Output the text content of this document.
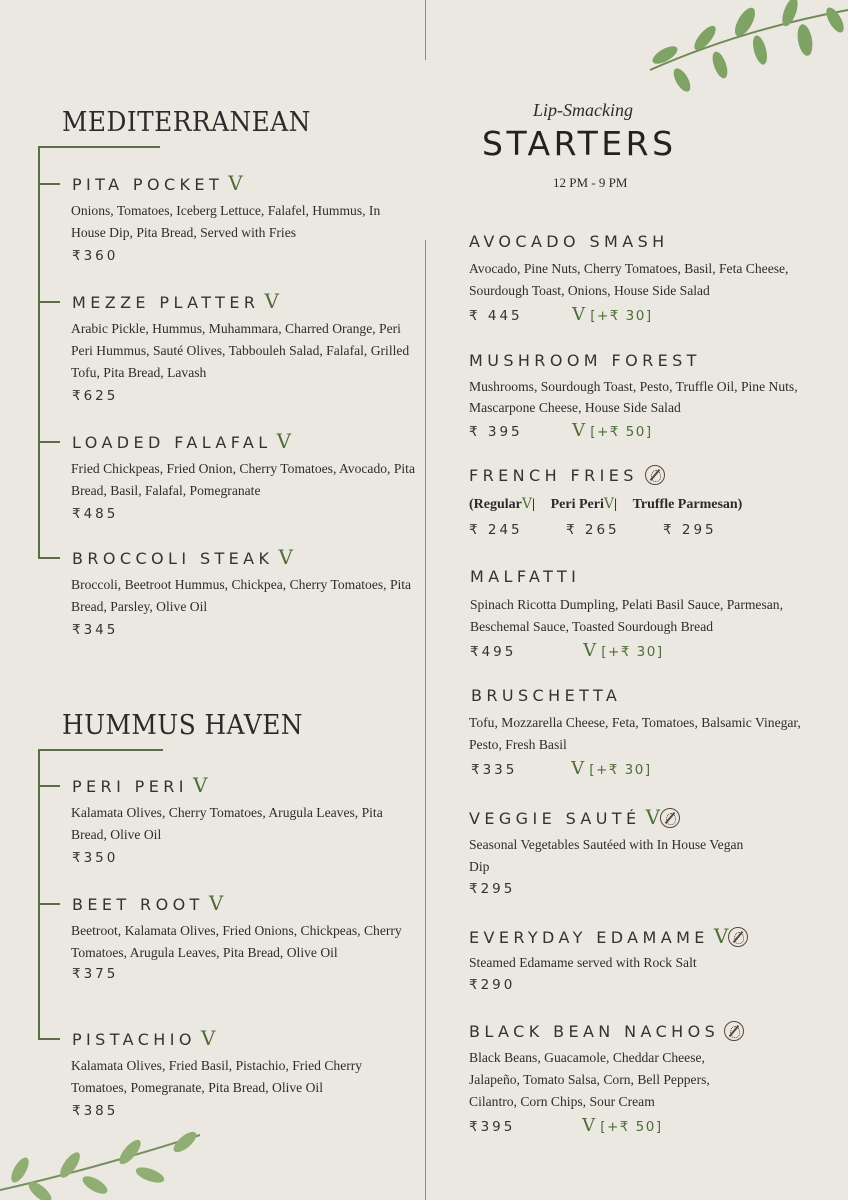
MEDITERRANEAN
PITA POCKET V
Onions, Tomatoes, Iceberg Lettuce, Falafel, Hummus, In House Dip, Pita Bread, Served with Fries
₹360
MEZZE PLATTER V
Arabic Pickle, Hummus, Muhammara, Charred Orange, Peri Peri Hummus, Sauté Olives, Tabbouleh Salad, Falafal, Grilled Tofu, Pita Bread, Lavash
₹625
LOADED FALAFAL V
Fried Chickpeas, Fried Onion, Cherry Tomatoes, Avocado, Pita Bread, Basil, Falafal, Pomegranate
₹485
BROCCOLI STEAK V
Broccoli, Beetroot Hummus, Chickpea, Cherry Tomatoes, Pita Bread, Parsley, Olive Oil
₹345
HUMMUS HAVEN
PERI PERI V
Kalamata Olives, Cherry Tomatoes, Arugula Leaves, Pita Bread, Olive Oil
₹350
BEET ROOT V
Beetroot, Kalamata Olives, Fried Onions, Chickpeas, Cherry Tomatoes, Arugula Leaves, Pita Bread, Olive Oil
₹375
PISTACHIO V
Kalamata Olives, Fried Basil, Pistachio, Fried Cherry Tomatoes, Pomegranate, Pita Bread, Olive Oil
₹385
Lip-Smacking
STARTERS
12 PM - 9 PM
AVOCADO SMASH
Avocado, Pine Nuts, Cherry Tomatoes, Basil, Feta Cheese, Sourdough Toast, Onions, House Side Salad
₹ 445	V [+₹ 30]
MUSHROOM FOREST
Mushrooms, Sourdough Toast, Pesto, Truffle Oil, Pine Nuts, Mascarpone Cheese, House Side Salad
₹ 395	V [+₹ 50]
FRENCH FRIES
(RegularV| Peri PeriV| Truffle Parmesan)
₹ 245	₹ 265	₹ 295
MALFATTI
Spinach Ricotta Dumpling, Pelati Basil Sauce, Parmesan, Beschemal Sauce, Toasted Sourdough Bread
₹495	V [+₹ 30]
BRUSCHETTA
Tofu, Mozzarella Cheese, Feta, Tomatoes, Balsamic Vinegar, Pesto, Fresh Basil
₹335	V [+₹ 30]
VEGGIE SAUTÉ V
Seasonal Vegetables Sautéed with In House Vegan Dip
₹295
EVERYDAY EDAMAME V
Steamed Edamame served with Rock Salt
₹290
BLACK BEAN NACHOS
Black Beans, Guacamole, Cheddar Cheese, Jalapeño, Tomato Salsa, Corn, Bell Peppers, Cilantro, Corn Chips, Sour Cream
₹395	V [+₹ 50]
